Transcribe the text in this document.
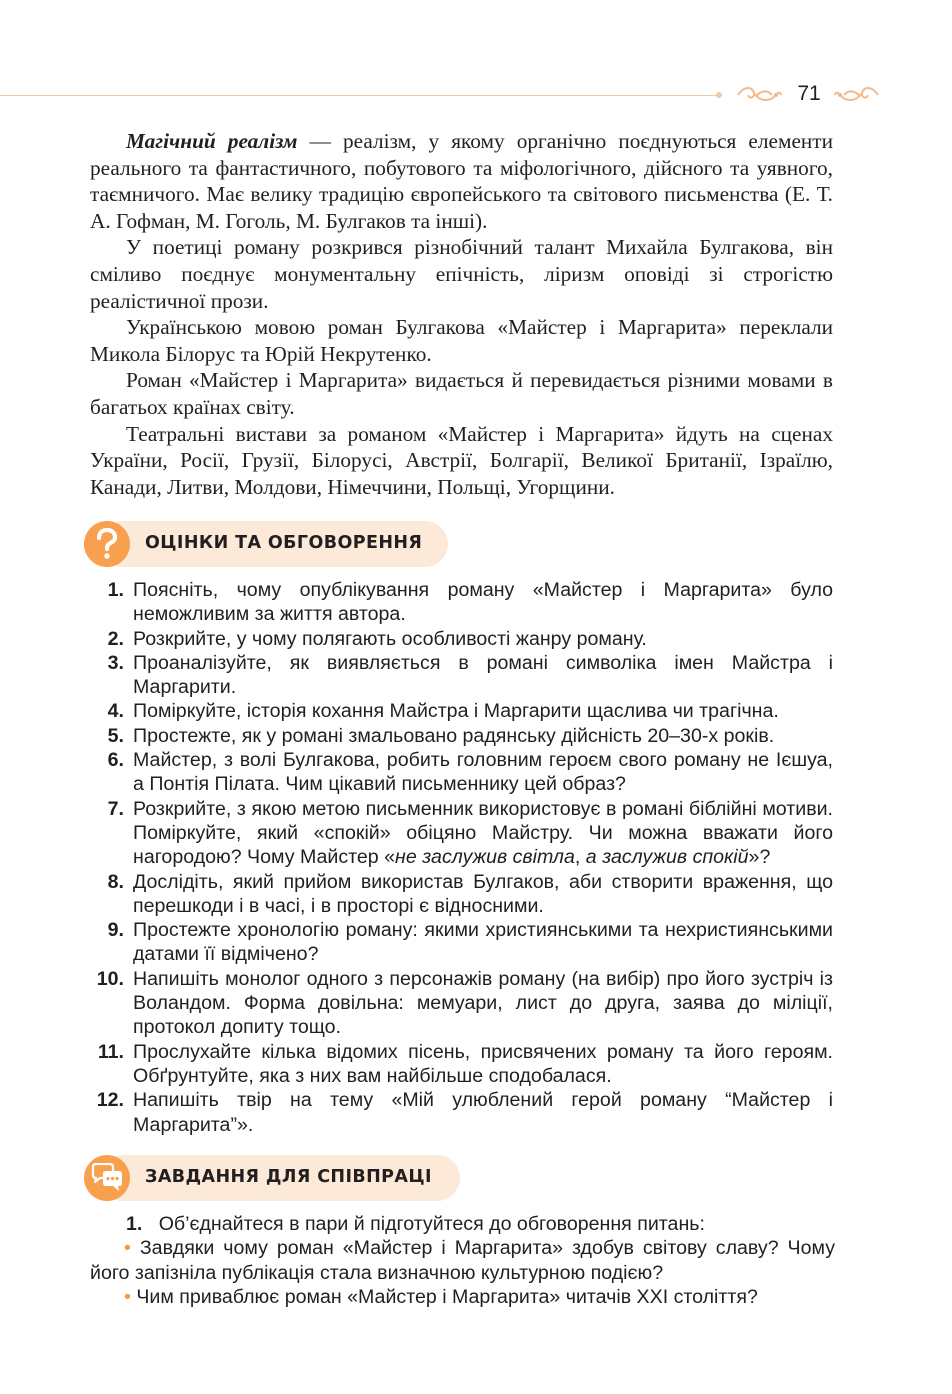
71

Магічний реалізм — реалізм, у якому органічно поєднуються елементи реального та фантастичного, побутового та міфологічного, дійсного та уявного, таємничого. Має велику традицію європейського та світового письменства (Е. Т. А. Гофман, М. Гоголь, М. Булгаков та інші).

У поетиці роману розкрився різнобічний талант Михайла Булгакова, він сміливо поєднує монументальну епічність, ліризм оповіді зі строгістю реалістичної прози.

Українською мовою роман Булгакова «Майстер і Маргарита» переклали Микола Білорус та Юрій Некрутенко.

Роман «Майстер і Маргарита» видається й перевидається різними мовами в багатьох країнах світу.

Театральні вистави за романом «Майстер і Маргарита» йдуть на сценах України, Росії, Грузії, Білорусі, Австрії, Болгарії, Великої Британії, Ізраїлю, Канади, Литви, Молдови, Німеччини, Польщі, Угорщини.

ОЦІНКИ ТА ОБГОВОРЕННЯ
1. Поясніть, чому опублікування роману «Майстер і Маргарита» було неможливим за життя автора.
2. Розкрийте, у чому полягають особливості жанру роману.
3. Проаналізуйте, як виявляється в романі символіка імен Майстра і Маргарити.
4. Поміркуйте, історія кохання Майстра і Маргарити щаслива чи трагічна.
5. Простежте, як у романі змальовано радянську дійсність 20–30-х років.
6. Майстер, з волі Булгакова, робить головним героєм свого роману не Ієшуа, а Понтія Пілата. Чим цікавий письменнику цей образ?
7. Розкрийте, з якою метою письменник використовує в романі біблійні мотиви. Поміркуйте, який «спокій» обіцяно Майстру. Чи можна вважати його нагородою? Чому Майстер «не заслужив світла, а заслужив спокій»?
8. Дослідіть, який прийом використав Булгаков, аби створити враження, що перешкоди і в часі, і в просторі є відносними.
9. Простежте хронологію роману: якими християнськими та нехристиянськими датами її відмічено?
10. Напишіть монолог одного з персонажів роману (на вибір) про його зустріч із Воландом. Форма довільна: мемуари, лист до друга, заява до міліції, протокол допиту тощо.
11. Прослухайте кілька відомих пісень, присвячених роману та його героям. Обґрунтуйте, яка з них вам найбільше сподобалася.
12. Напишіть твір на тему «Мій улюблений герой роману “Майстер і Маргарита”».
ЗАВДАННЯ ДЛЯ СПІВПРАЦІ

1. Об’єднайтеся в пари й підготуйтеся до обговорення питань:

• Завдяки чому роман «Майстер і Маргарита» здобув світову славу? Чому його запізніла публікація стала визначною культурною подією?

• Чим приваблює роман «Майстер і Маргарита» читачів XXI століття?
